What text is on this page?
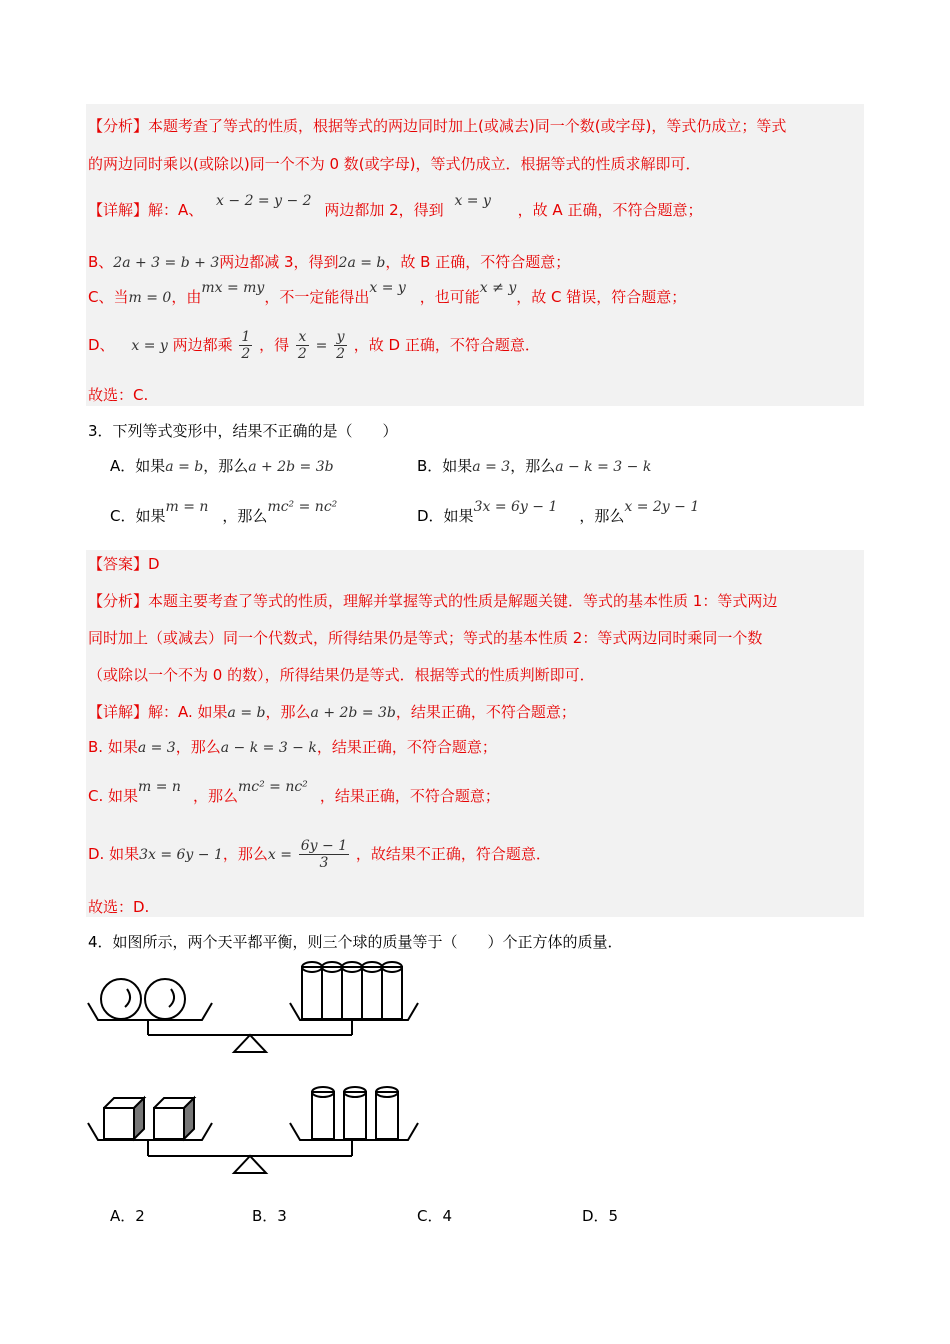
【分析】本题考查了等式的性质，根据等式的两边同时加上(或减去)同一个数(或字母)，等式仍成立；等式
的两边同时乘以(或除以)同一个不为 0 数(或字母)，等式仍成立．根据等式的性质求解即可．
【详解】解：A、 x − 2 = y − 2 两边都加 2，得到 x = y ，故 A 正确，不符合题意；
B、2a + 3 = b + 3两边都减 3，得到2a = b，故 B 正确，不符合题意；
C、当m = 0，由mx = my，不一定能得出x = y ，也可能x ≠ y，故 C 错误，符合题意；
D、 x = y 两边都乘 $\frac{1}{2}$ ，得 $\frac{x}{2} = \frac{y}{2}$ ，故 D 正确，不符合题意．
故选：C.
3．下列等式变形中，结果不正确的是（　　）
A．如果a = b，那么a + 2b = 3b	B．如果a = 3，那么a − k = 3 − k
C．如果m = n ，那么mc² = nc²	D．如果3x = 6y − 1 ，那么x = 2y − 1
【答案】D
【分析】本题主要考查了等式的性质，理解并掌握等式的性质是解题关键．等式的基本性质 1：等式两边
同时加上（或减去）同一个代数式，所得结果仍是等式；等式的基本性质 2：等式两边同时乘同一个数
（或除以一个不为 0 的数），所得结果仍是等式．根据等式的性质判断即可．
【详解】解：A. 如果a = b，那么a + 2b = 3b，结果正确，不符合题意；
B. 如果a = 3，那么a − k = 3 − k，结果正确，不符合题意；
C. 如果m = n ，那么mc² = nc² ，结果正确，不符合题意；
D. 如果3x = 6y − 1，那么$x = \frac{6y - 1}{3}$ ，故结果不正确，符合题意．
故选：D.
4．如图所示，两个天平都平衡，则三个球的质量等于（　　）个正方体的质量．
A．2	B．3	C．4	D．5
